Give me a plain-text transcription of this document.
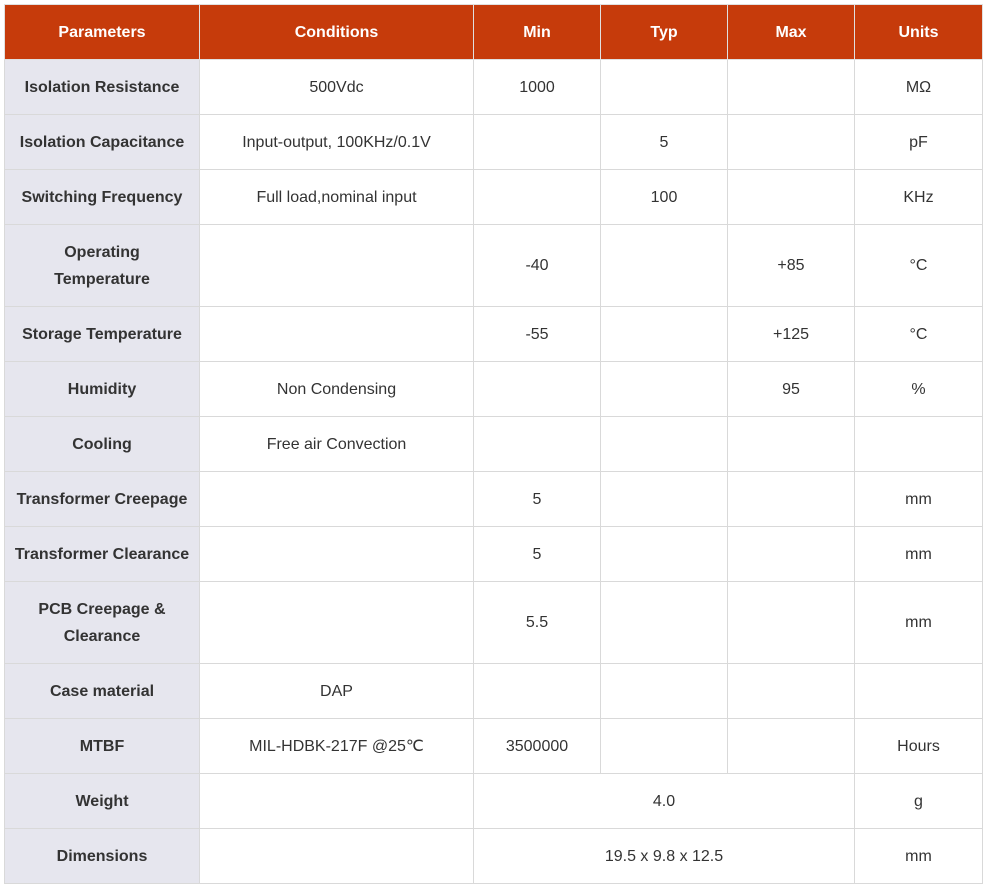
Parameters	Conditions	Min	Typ	Max	Units
Isolation Resistance	500Vdc	1000			MΩ
Isolation Capacitance	Input-output, 100KHz/0.1V		5		pF
Switching Frequency	Full load,nominal input		100		KHz
Operating Temperature		-40		+85	°C
Storage Temperature		-55		+125	°C
Humidity	Non Condensing			95	%
Cooling	Free air Convection				
Transformer Creepage		5			mm
Transformer Clearance		5			mm
PCB Creepage & Clearance		5.5			mm
Case material	DAP				
MTBF	MIL-HDBK-217F @25℃	3500000			Hours
Weight		4.0			g
Dimensions		19.5 x 9.8 x 12.5			mm
